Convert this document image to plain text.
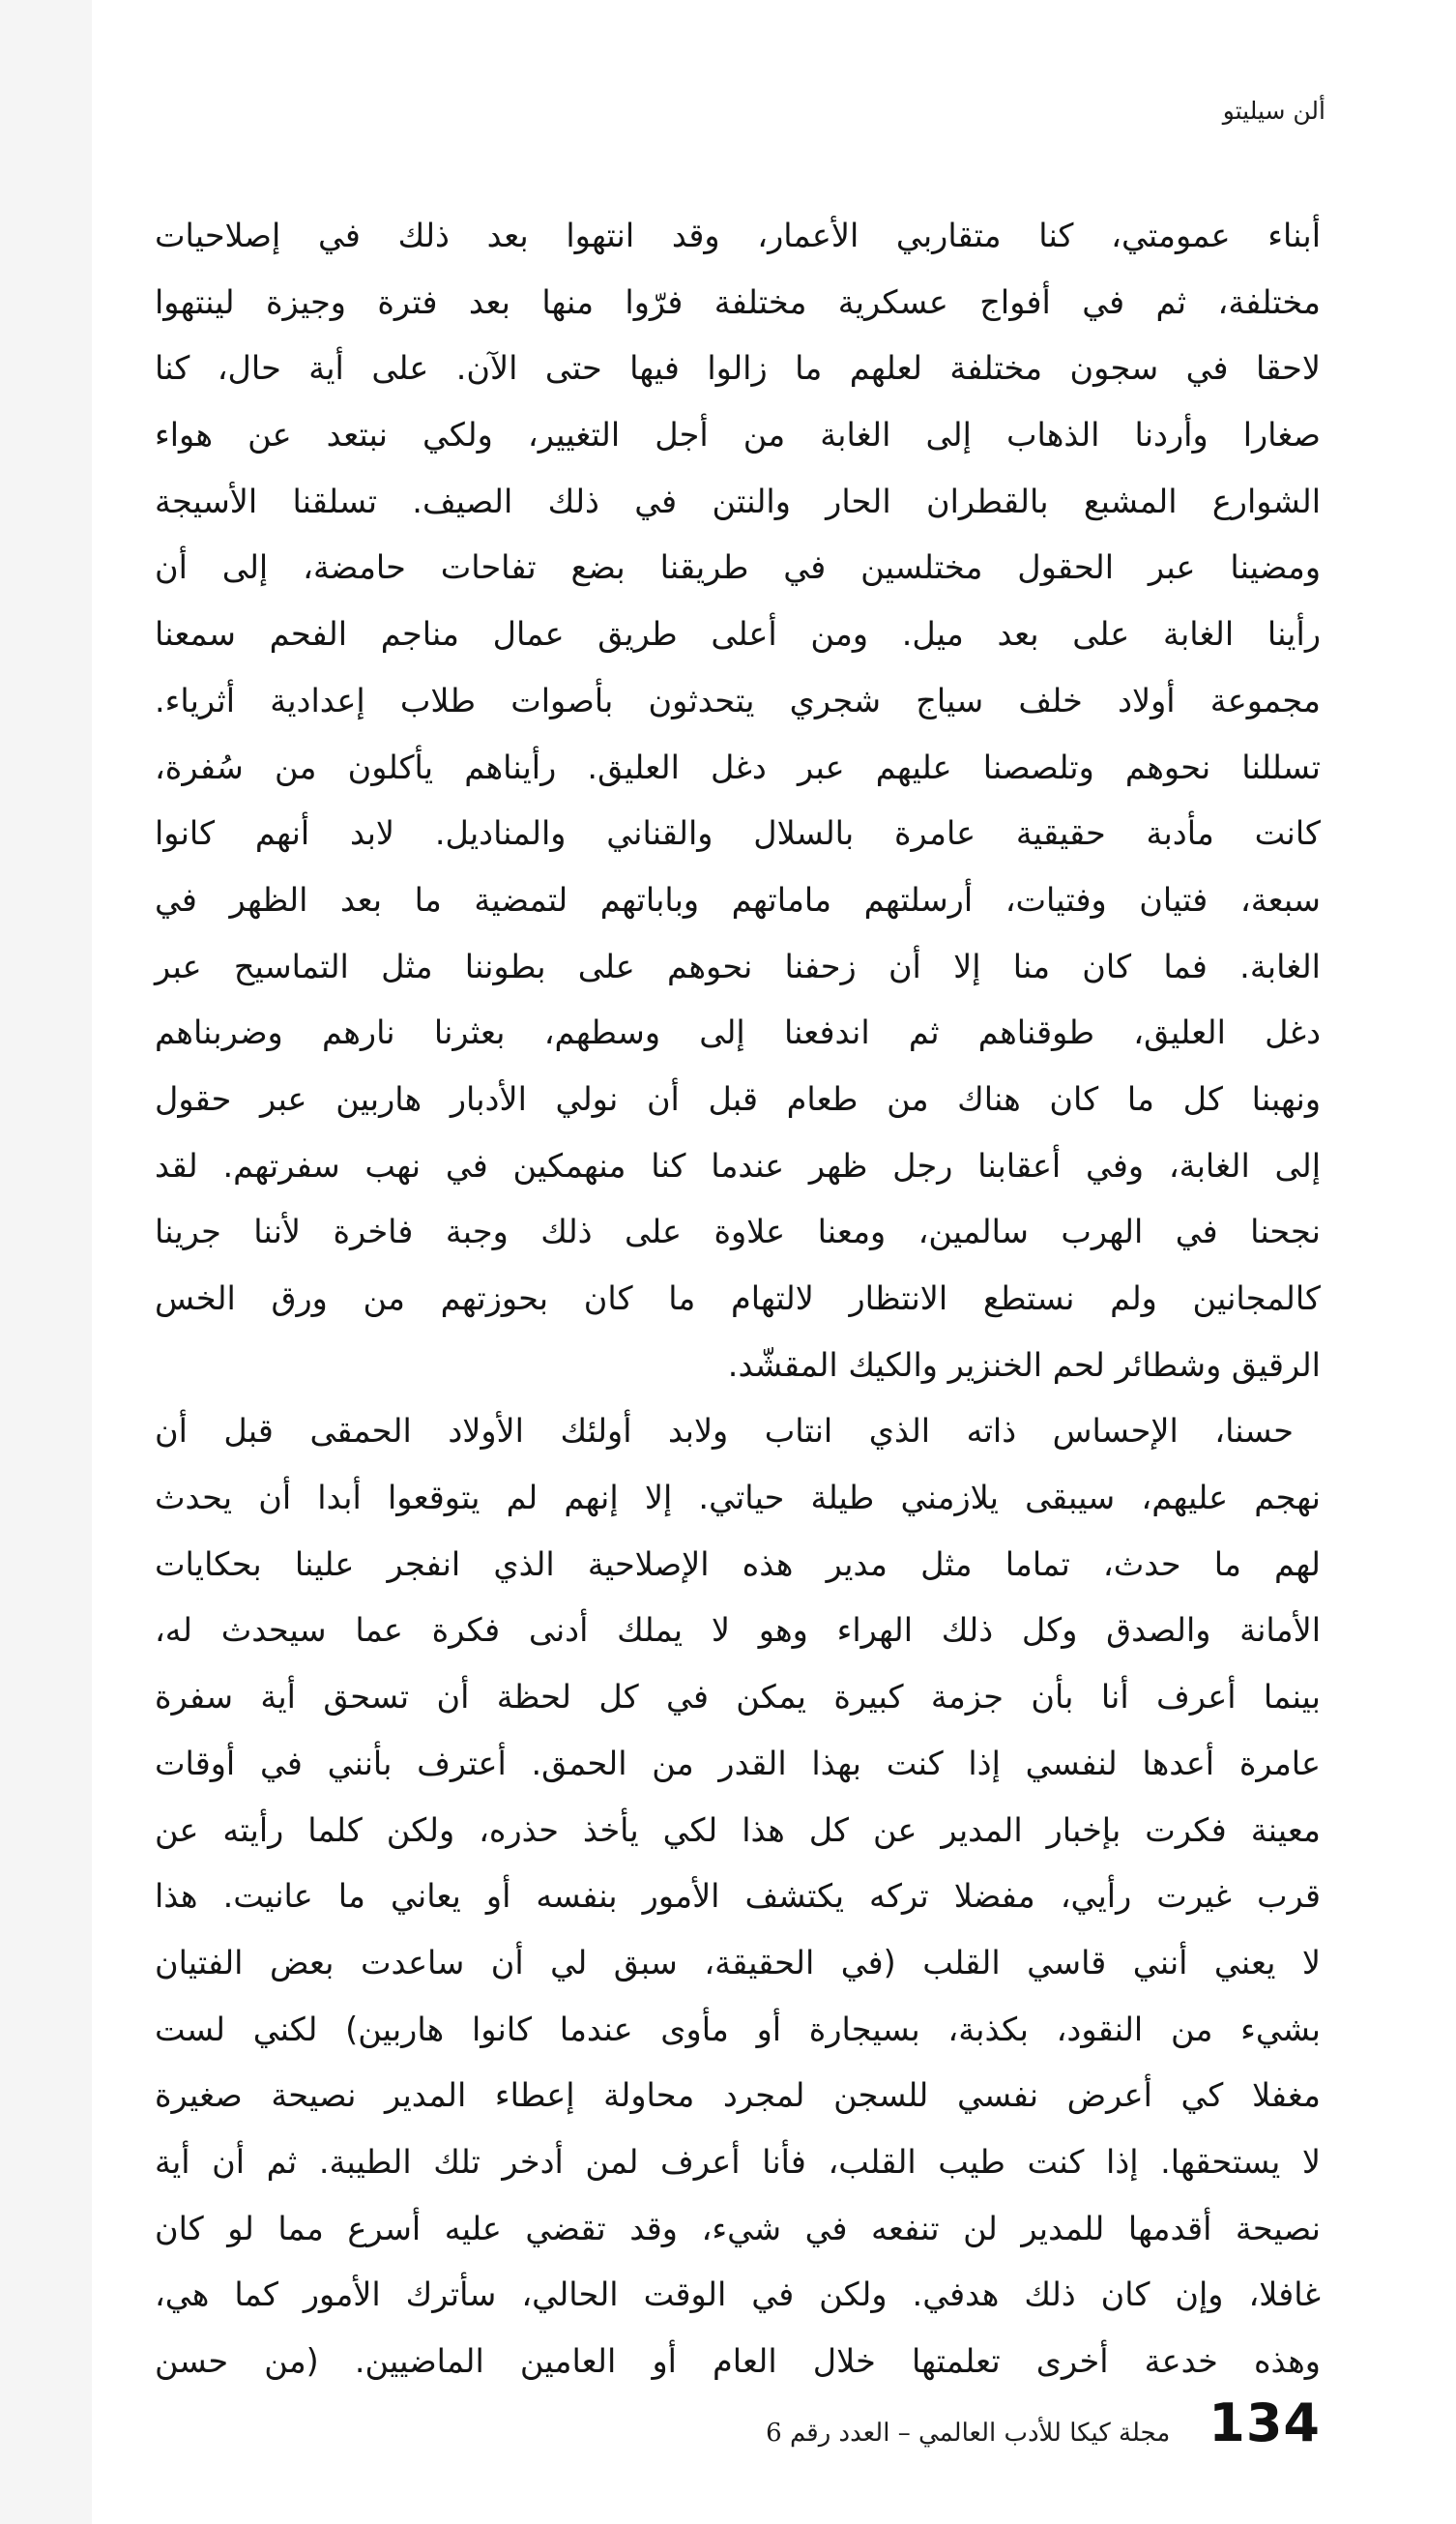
ألن سيليتو
أبناء عمومتي، كنا متقاربي الأعمار، وقد انتهوا بعد ذلك في إصلاحيات
مختلفة، ثم في أفواج عسكرية مختلفة فرّوا منها بعد فترة وجيزة لينتهوا
لاحقا في سجون مختلفة لعلهم ما زالوا فيها حتى الآن. على أية حال، كنا
صغارا وأردنا الذهاب إلى الغابة من أجل التغيير، ولكي نبتعد عن هواء
الشوارع المشبع بالقطران الحار والنتن في ذلك الصيف. تسلقنا الأسيجة
ومضينا عبر الحقول مختلسين في طريقنا بضع تفاحات حامضة، إلى أن
رأينا الغابة على بعد ميل. ومن أعلى طريق عمال مناجم الفحم سمعنا
مجموعة أولاد خلف سياج شجري يتحدثون بأصوات طلاب إعدادية أثرياء.
تسللنا نحوهم وتلصصنا عليهم عبر دغل العليق. رأيناهم يأكلون من سُفرة،
كانت مأدبة حقيقية عامرة بالسلال والقناني والمناديل. لابد أنهم كانوا
سبعة، فتيان وفتيات، أرسلتهم ماماتهم وباباتهم لتمضية ما بعد الظهر في
الغابة. فما كان منا إلا أن زحفنا نحوهم على بطوننا مثل التماسيح عبر
دغل العليق، طوقناهم ثم اندفعنا إلى وسطهم، بعثرنا نارهم وضربناهم
ونهبنا كل ما كان هناك من طعام قبل أن نولي الأدبار هاربين عبر حقول
إلى الغابة، وفي أعقابنا رجل ظهر عندما كنا منهمكين في نهب سفرتهم. لقد
نجحنا في الهرب سالمين، ومعنا علاوة على ذلك وجبة فاخرة لأننا جرينا
كالمجانين ولم نستطع الانتظار لالتهام ما كان بحوزتهم من ورق الخس
الرقيق وشطائر لحم الخنزير والكيك المقشّد.
حسنا، الإحساس ذاته الذي انتاب ولابد أولئك الأولاد الحمقى قبل أن
نهجم عليهم، سيبقى يلازمني طيلة حياتي. إلا إنهم لم يتوقعوا أبدا أن يحدث
لهم ما حدث، تماما مثل مدير هذه الإصلاحية الذي انفجر علينا بحكايات
الأمانة والصدق وكل ذلك الهراء وهو لا يملك أدنى فكرة عما سيحدث له،
بينما أعرف أنا بأن جزمة كبيرة يمكن في كل لحظة أن تسحق أية سفرة
عامرة أعدها لنفسي إذا كنت بهذا القدر من الحمق. أعترف بأنني في أوقات
معينة فكرت بإخبار المدير عن كل هذا لكي يأخذ حذره، ولكن كلما رأيته عن
قرب غيرت رأيي، مفضلا تركه يكتشف الأمور بنفسه أو يعاني ما عانيت. هذا
لا يعني أنني قاسي القلب (في الحقيقة، سبق لي أن ساعدت بعض الفتيان
بشيء من النقود، بكذبة، بسيجارة أو مأوى عندما كانوا هاربين) لكني لست
مغفلا كي أعرض نفسي للسجن لمجرد محاولة إعطاء المدير نصيحة صغيرة
لا يستحقها. إذا كنت طيب القلب، فأنا أعرف لمن أدخر تلك الطيبة. ثم أن أية
نصيحة أقدمها للمدير لن تنفعه في شيء، وقد تقضي عليه أسرع مما لو كان
غافلا، وإن كان ذلك هدفي. ولكن في الوقت الحالي، سأترك الأمور كما هي،
وهذه خدعة أخرى تعلمتها خلال العام أو العامين الماضيين. (من حسن
134
مجلة كيكا للأدب العالمي – العدد رقم 6
